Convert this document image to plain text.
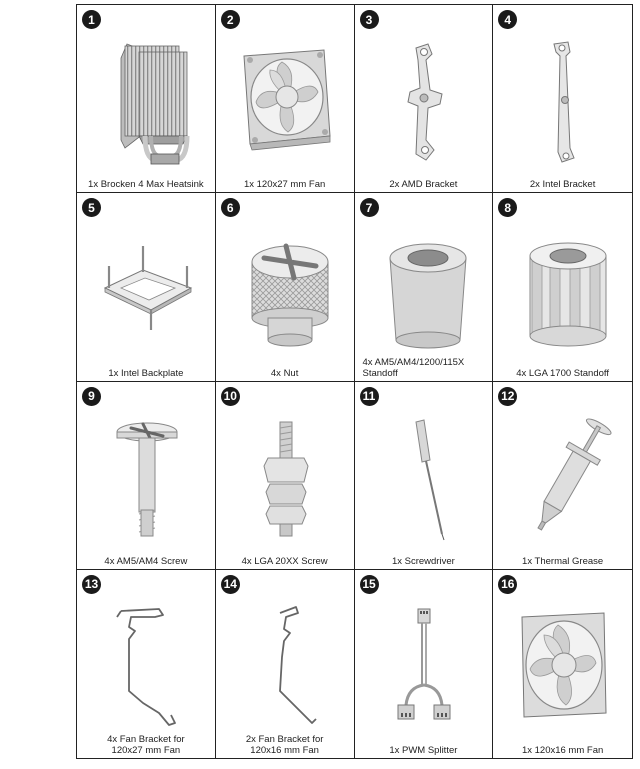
1
1x Brocken 4 Max Heatsink
2
1x 120x27 mm Fan
3
2x AMD Bracket
4
2x Intel Bracket
5
1x Intel Backplate
6
4x Nut
7
4x AM5/AM4/1200/115X
Standoff
8
4x LGA 1700 Standoff
9
4x AM5/AM4 Screw
10
4x LGA 20XX Screw
11
1x Screwdriver
12
1x Thermal Grease
13
4x Fan Bracket for
120x27 mm Fan
14
2x Fan Bracket for
120x16 mm Fan
15
1x PWM Splitter
16
1x 120x16 mm Fan
